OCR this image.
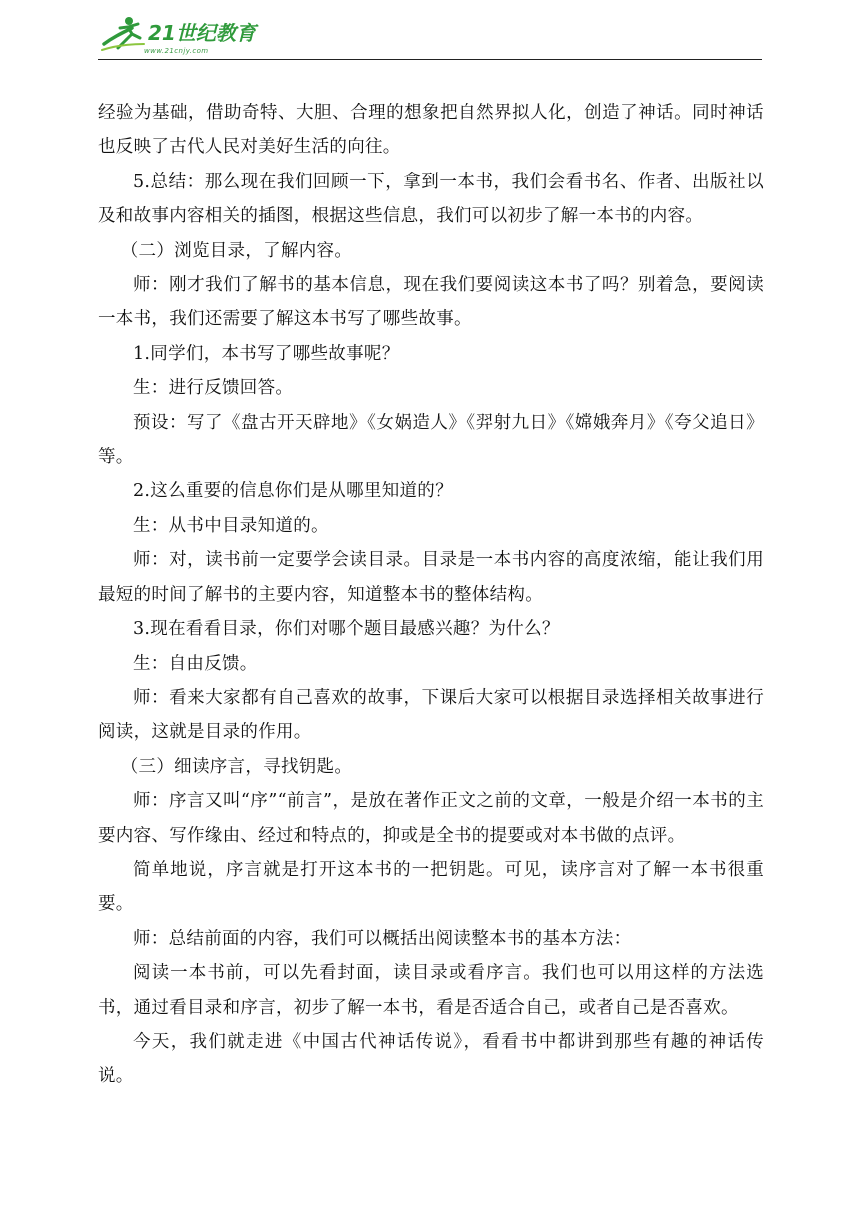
21世纪教育
www.21cnjy.com

经验为基础，借助奇特、大胆、合理的想象把自然界拟人化，创造了神话。同时神话也反映了古代人民对美好生活的向往。

5.总结：那么现在我们回顾一下，拿到一本书，我们会看书名、作者、出版社以及和故事内容相关的插图，根据这些信息，我们可以初步了解一本书的内容。

（二）浏览目录，了解内容。

师：刚才我们了解书的基本信息，现在我们要阅读这本书了吗？别着急，要阅读一本书，我们还需要了解这本书写了哪些故事。

1.同学们，本书写了哪些故事呢？

生：进行反馈回答。

预设：写了《盘古开天辟地》《女娲造人》《羿射九日》《嫦娥奔月》《夸父追日》等。

2.这么重要的信息你们是从哪里知道的？

生：从书中目录知道的。

师：对，读书前一定要学会读目录。目录是一本书内容的高度浓缩，能让我们用最短的时间了解书的主要内容，知道整本书的整体结构。

3.现在看看目录，你们对哪个题目最感兴趣？为什么？

生：自由反馈。

师：看来大家都有自己喜欢的故事，下课后大家可以根据目录选择相关故事进行阅读，这就是目录的作用。

（三）细读序言，寻找钥匙。

师：序言又叫“序”“前言”，是放在著作正文之前的文章，一般是介绍一本书的主要内容、写作缘由、经过和特点的，抑或是全书的提要或对本书做的点评。

简单地说，序言就是打开这本书的一把钥匙。可见，读序言对了解一本书很重要。

师：总结前面的内容，我们可以概括出阅读整本书的基本方法：

阅读一本书前，可以先看封面，读目录或看序言。我们也可以用这样的方法选书，通过看目录和序言，初步了解一本书，看是否适合自己，或者自己是否喜欢。

今天，我们就走进《中国古代神话传说》，看看书中都讲到那些有趣的神话传说。
